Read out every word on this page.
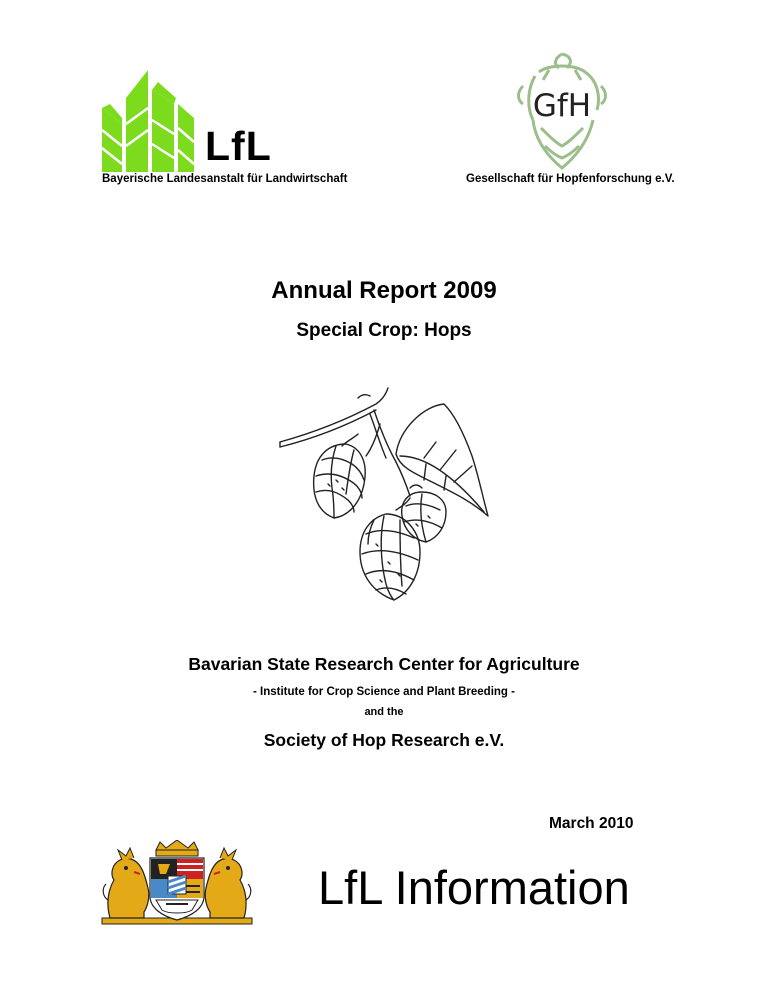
LfL
Bayerische Landesanstalt für Landwirtschaft
GfH
Gesellschaft für Hopfenforschung e.V.
Annual Report 2009
Special Crop: Hops
Bavarian State Research Center for Agriculture
- Institute for Crop Science and Plant Breeding -
and the
Society of Hop Research e.V.
March 2010
LfL Information
